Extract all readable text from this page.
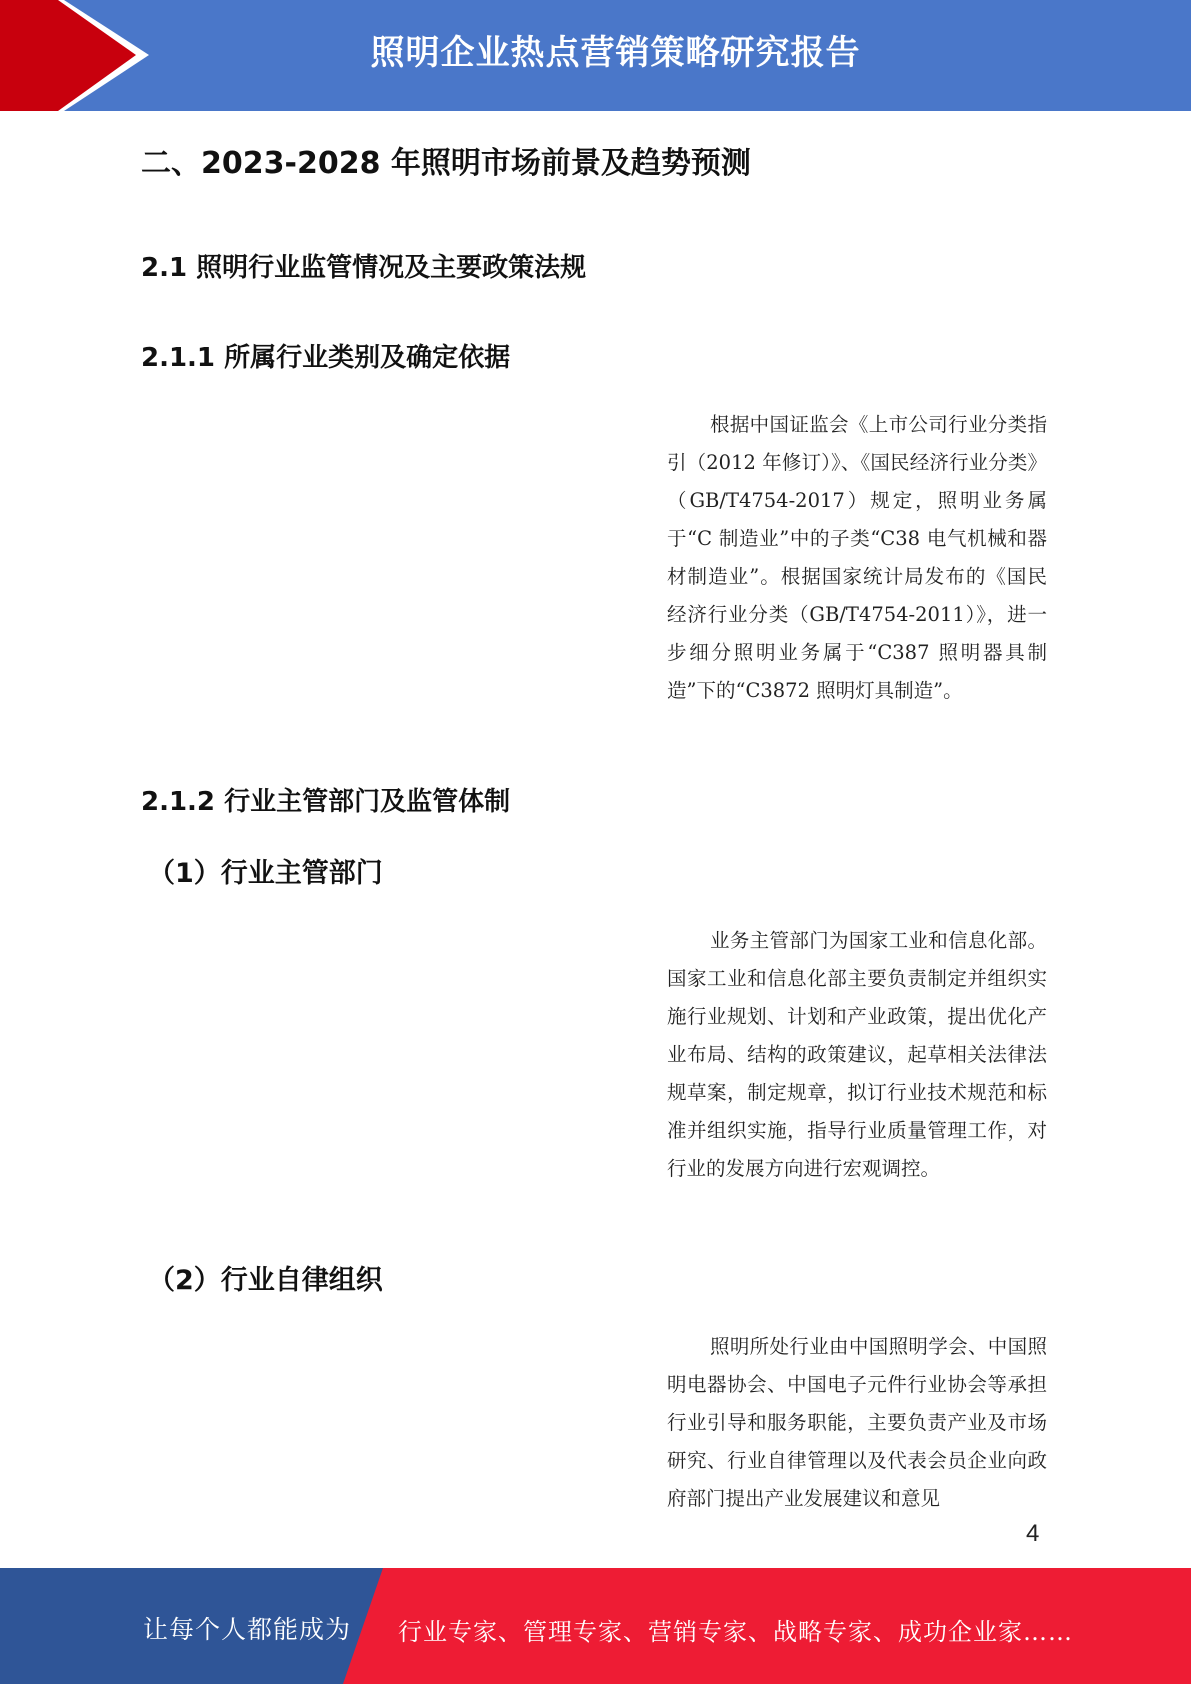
照明企业热点营销策略研究报告
二、2023-2028 年照明市场前景及趋势预测
2.1 照明行业监管情况及主要政策法规
2.1.1 所属行业类别及确定依据

根据中国证监会《上市公司行业分类指引（2012 年修订）》、《国民经济行业分类》（GB/T4754-2017）规定，照明业务属于“C 制造业”中的子类“C38 电气机械和器材制造业”。根据国家统计局发布的《国民经济行业分类（GB/T4754-2011）》，进一步细分照明业务属于“C387 照明器具制造”下的“C3872 照明灯具制造”。

2.1.2 行业主管部门及监管体制
（1）行业主管部门

业务主管部门为国家工业和信息化部。国家工业和信息化部主要负责制定并组织实施行业规划、计划和产业政策，提出优化产业布局、结构的政策建议，起草相关法律法规草案，制定规章，拟订行业技术规范和标准并组织实施，指导行业质量管理工作，对行业的发展方向进行宏观调控。

（2）行业自律组织

照明所处行业由中国照明学会、中国照明电器协会、中国电子元件行业协会等承担行业引导和服务职能，主要负责产业及市场研究、行业自律管理以及代表会员企业向政府部门提出产业发展建议和意见

4
让每个人都能成为 行业专家、管理专家、营销专家、战略专家、成功企业家……
